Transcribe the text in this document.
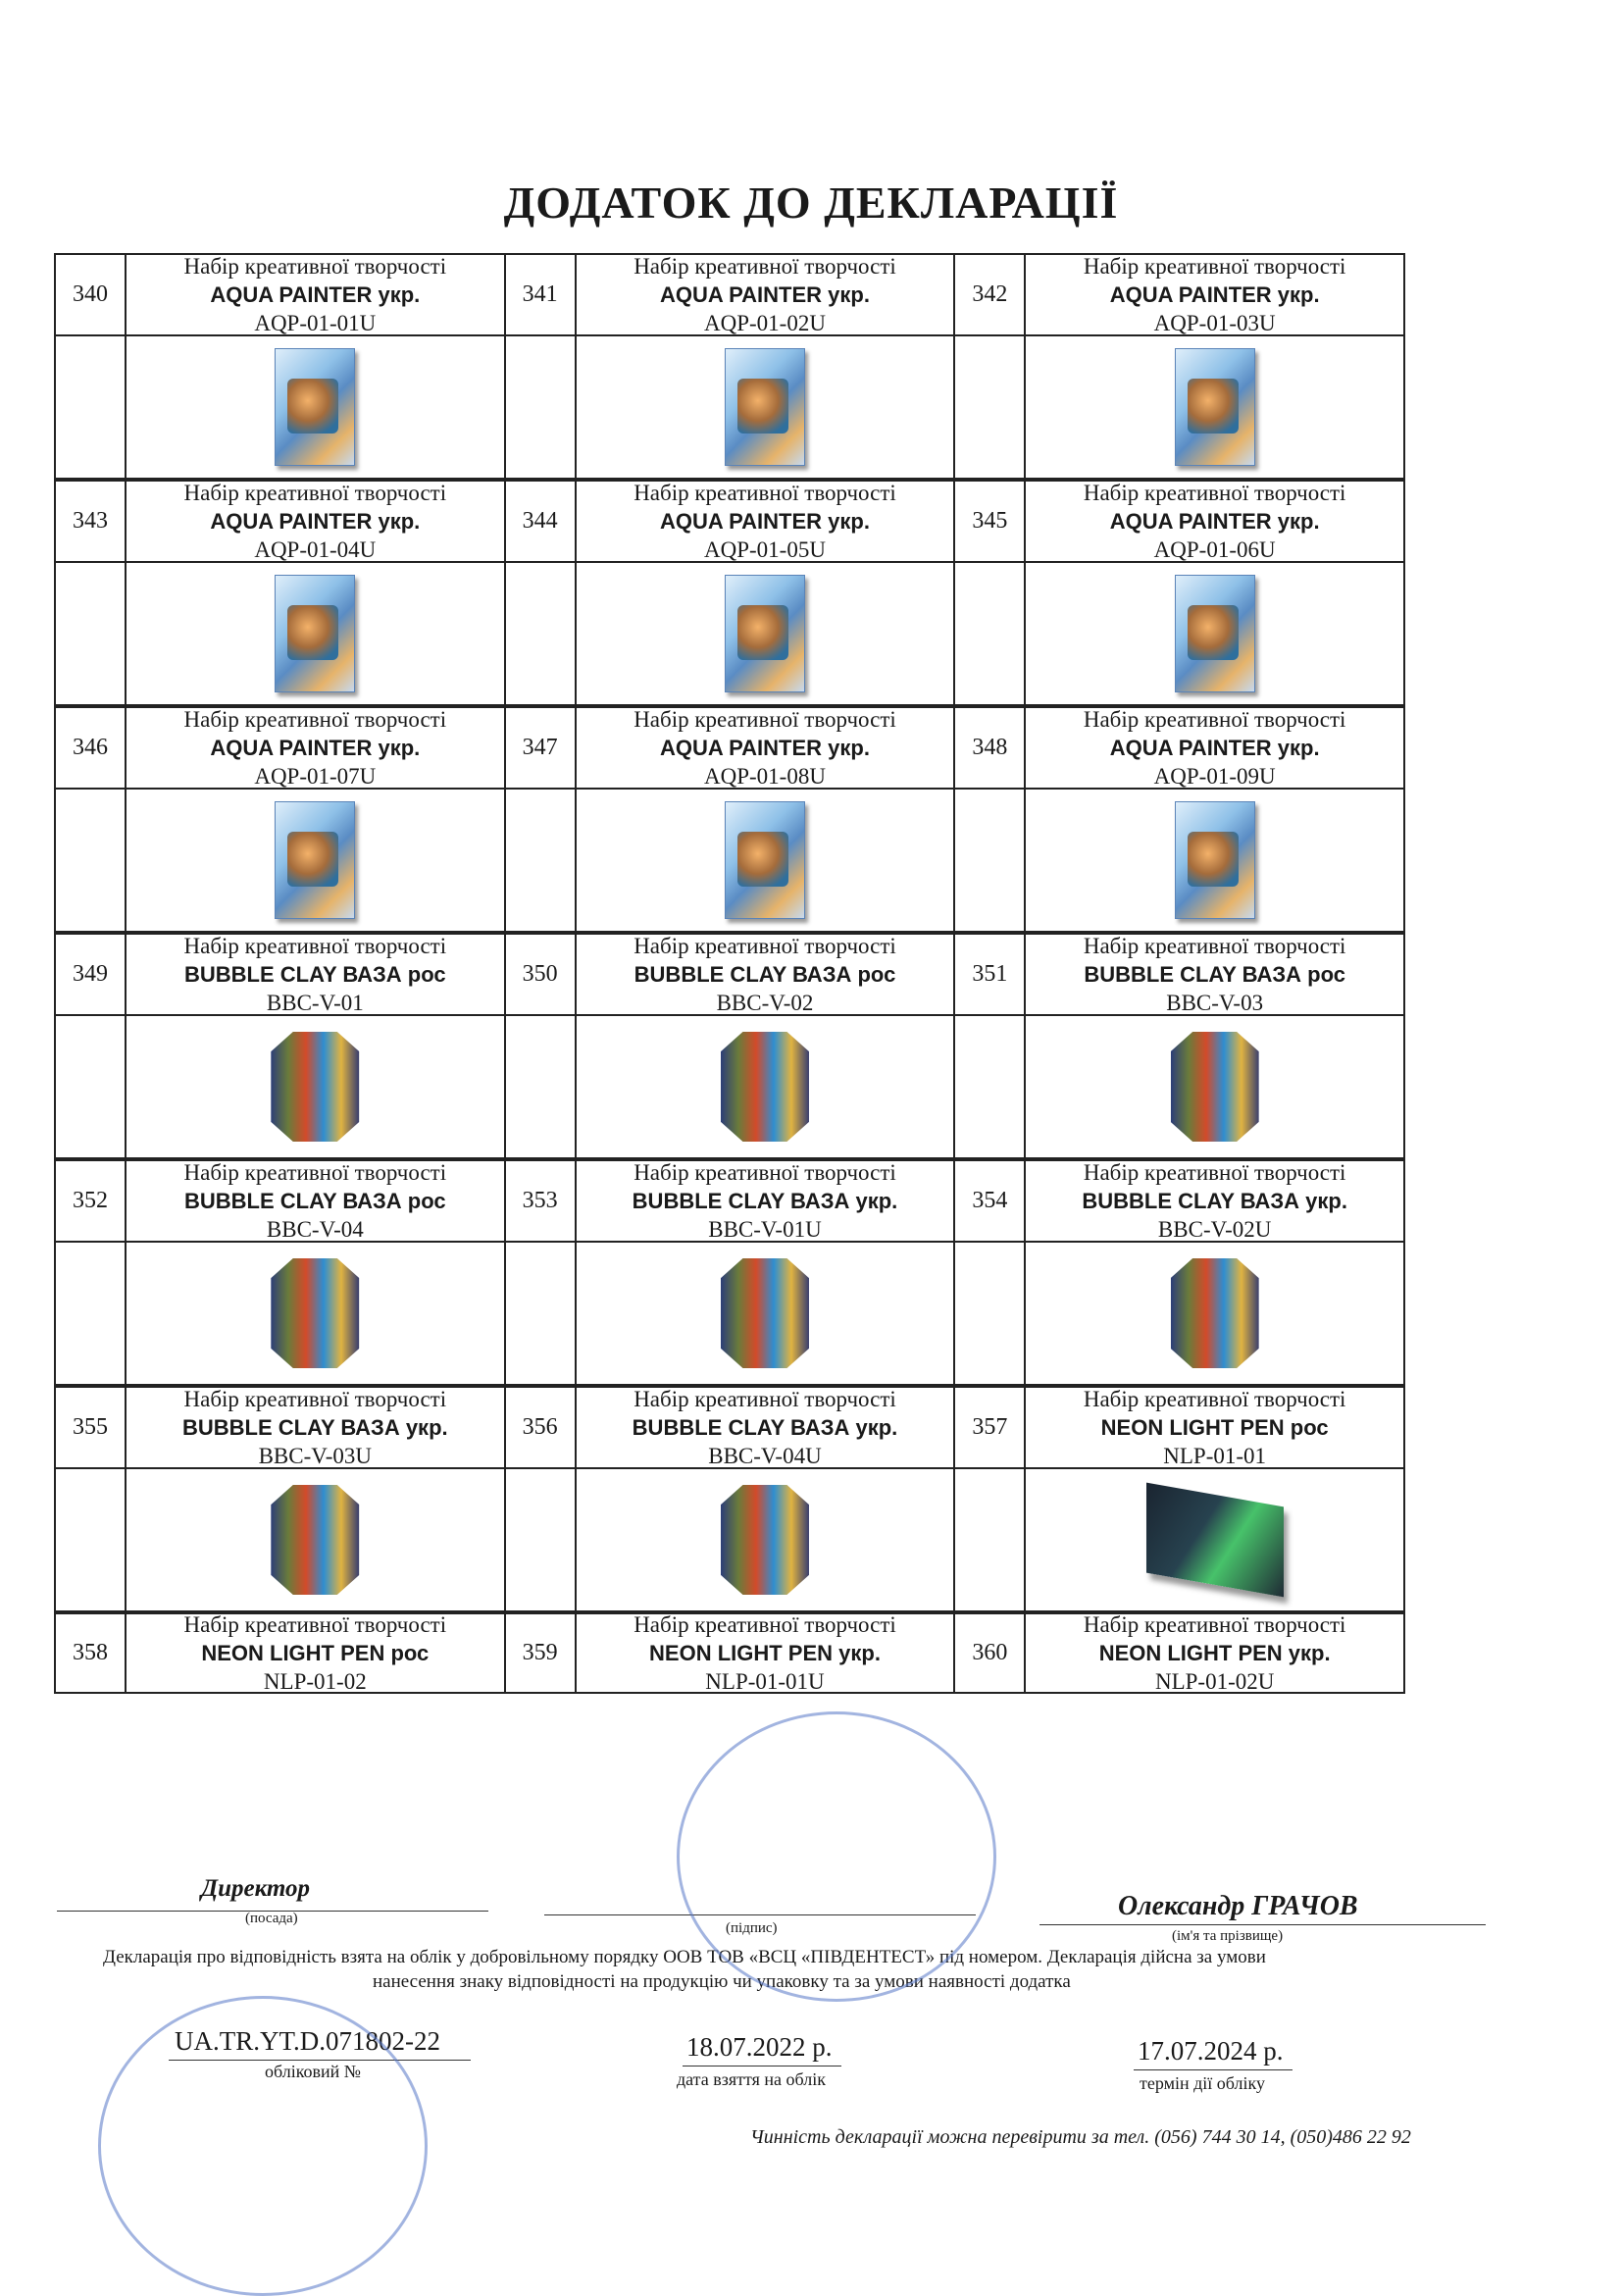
ДОДАТОК ДО ДЕКЛАРАЦІЇ
340
Набір креативної творчості
AQUA PAINTER укр.
AQP-01-01U
341
Набір креативної творчості
AQUA PAINTER укр.
AQP-01-02U
342
Набір креативної творчості
AQUA PAINTER укр.
AQP-01-03U
343
Набір креативної творчості
AQUA PAINTER укр.
AQP-01-04U
344
Набір креативної творчості
AQUA PAINTER укр.
AQP-01-05U
345
Набір креативної творчості
AQUA PAINTER укр.
AQP-01-06U
346
Набір креативної творчості
AQUA PAINTER укр.
AQP-01-07U
347
Набір креативної творчості
AQUA PAINTER укр.
AQP-01-08U
348
Набір креативної творчості
AQUA PAINTER укр.
AQP-01-09U
349
Набір креативної творчості
BUBBLE CLAY ВАЗА рос
BBC-V-01
350
Набір креативної творчості
BUBBLE CLAY ВАЗА рос
BBC-V-02
351
Набір креативної творчості
BUBBLE CLAY ВАЗА рос
BBC-V-03
352
Набір креативної творчості
BUBBLE CLAY ВАЗА рос
BBC-V-04
353
Набір креативної творчості
BUBBLE CLAY ВАЗА укр.
BBC-V-01U
354
Набір креативної творчості
BUBBLE CLAY ВАЗА укр.
BBC-V-02U
355
Набір креативної творчості
BUBBLE CLAY ВАЗА укр.
BBC-V-03U
356
Набір креативної творчості
BUBBLE CLAY ВАЗА укр.
BBC-V-04U
357
Набір креативної творчості
NEON LIGHT PEN рос
NLP-01-01
358
Набір креативної творчості
NEON LIGHT PEN рос
NLP-01-02
359
Набір креативної творчості
NEON LIGHT PEN укр.
NLP-01-01U
360
Набір креативної творчості
NEON LIGHT PEN укр.
NLP-01-02U
Директор
(посада)
(підпис)
Олександр ГРАЧОВ
(ім'я та прізвище)
Декларація про відповідність взята на облік у добровільному порядку ООВ ТОВ «ВСЦ «ПІВДЕНТЕСТ» під номером. Декларація дійсна за умови
нанесення знаку відповідності на продукцію чи упаковку та за умови наявності додатка
UA.TR.YT.D.071802-22
обліковий №
18.07.2022 р.
дата взяття на облік
17.07.2024 р.
термін дії обліку
Чинність декларації можна перевірити за тел. (056) 744 30 14, (050)486 22 92
